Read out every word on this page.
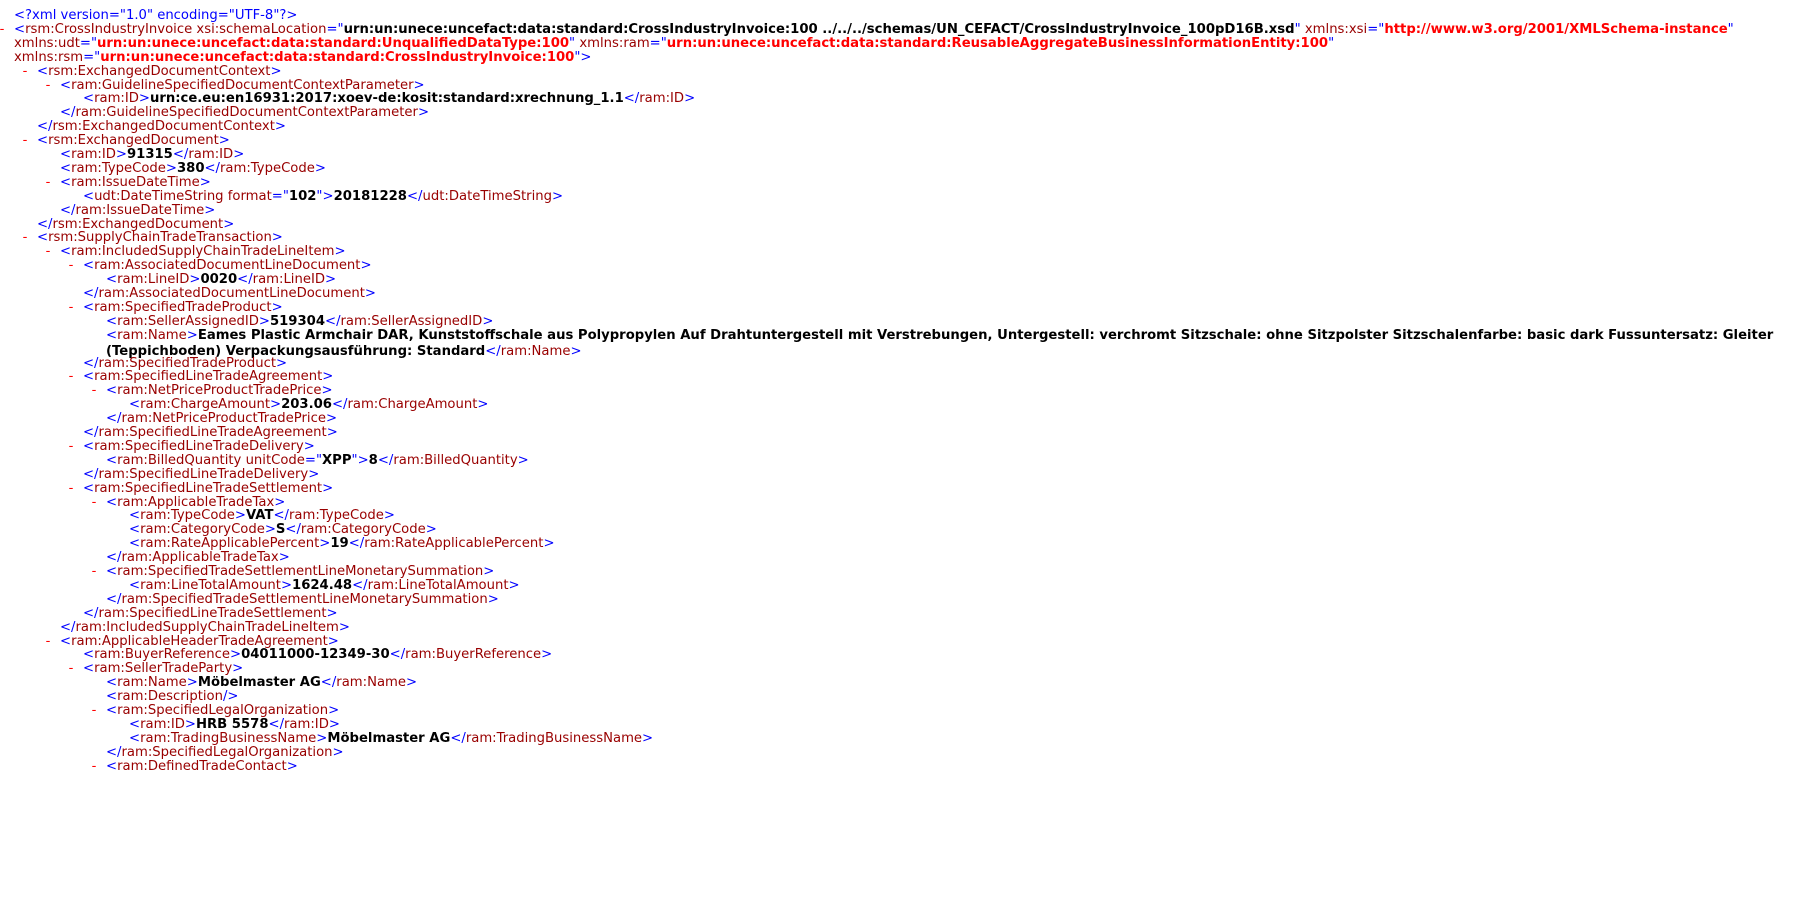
<?xml version="1.0" encoding="UTF-8"?>
- <rsm:CrossIndustryInvoice xsi:schemaLocation="urn:un:unece:uncefact:data:standard:CrossIndustryInvoice:100 ../../../schemas/UN_CEFACT/CrossIndustryInvoice_100pD16B.xsd" xmlns:xsi="http://www.w3.org/2001/XMLSchema-instance"
xmlns:udt="urn:un:unece:uncefact:data:standard:UnqualifiedDataType:100" xmlns:ram="urn:un:unece:uncefact:data:standard:ReusableAggregateBusinessInformationEntity:100"
xmlns:rsm="urn:un:unece:uncefact:data:standard:CrossIndustryInvoice:100">
- <rsm:ExchangedDocumentContext>
- <ram:GuidelineSpecifiedDocumentContextParameter>
<ram:ID>urn:ce.eu:en16931:2017:xoev-de:kosit:standard:xrechnung_1.1</ram:ID>
</ram:GuidelineSpecifiedDocumentContextParameter>
</rsm:ExchangedDocumentContext>
- <rsm:ExchangedDocument>
<ram:ID>91315</ram:ID>
<ram:TypeCode>380</ram:TypeCode>
- <ram:IssueDateTime>
<udt:DateTimeString format="102">20181228</udt:DateTimeString>
</ram:IssueDateTime>
</rsm:ExchangedDocument>
- <rsm:SupplyChainTradeTransaction>
- <ram:IncludedSupplyChainTradeLineItem>
- <ram:AssociatedDocumentLineDocument>
<ram:LineID>0020</ram:LineID>
</ram:AssociatedDocumentLineDocument>
- <ram:SpecifiedTradeProduct>
<ram:SellerAssignedID>519304</ram:SellerAssignedID>
<ram:Name>Eames Plastic Armchair DAR, Kunststoffschale aus Polypropylen Auf Drahtuntergestell mit Verstrebungen, Untergestell: verchromt Sitzschale: ohne Sitzpolster Sitzschalenfarbe: basic dark Fussuntersatz: Gleiter (Teppichboden) Verpackungsausführung: Standard</ram:Name>
</ram:SpecifiedTradeProduct>
- <ram:SpecifiedLineTradeAgreement>
- <ram:NetPriceProductTradePrice>
<ram:ChargeAmount>203.06</ram:ChargeAmount>
</ram:NetPriceProductTradePrice>
</ram:SpecifiedLineTradeAgreement>
- <ram:SpecifiedLineTradeDelivery>
<ram:BilledQuantity unitCode="XPP">8</ram:BilledQuantity>
</ram:SpecifiedLineTradeDelivery>
- <ram:SpecifiedLineTradeSettlement>
- <ram:ApplicableTradeTax>
<ram:TypeCode>VAT</ram:TypeCode>
<ram:CategoryCode>S</ram:CategoryCode>
<ram:RateApplicablePercent>19</ram:RateApplicablePercent>
</ram:ApplicableTradeTax>
- <ram:SpecifiedTradeSettlementLineMonetarySummation>
<ram:LineTotalAmount>1624.48</ram:LineTotalAmount>
</ram:SpecifiedTradeSettlementLineMonetarySummation>
</ram:SpecifiedLineTradeSettlement>
</ram:IncludedSupplyChainTradeLineItem>
- <ram:ApplicableHeaderTradeAgreement>
<ram:BuyerReference>04011000-12349-30</ram:BuyerReference>
- <ram:SellerTradeParty>
<ram:Name>Möbelmaster AG</ram:Name>
<ram:Description/>
- <ram:SpecifiedLegalOrganization>
<ram:ID>HRB 5578</ram:ID>
<ram:TradingBusinessName>Möbelmaster AG</ram:TradingBusinessName>
</ram:SpecifiedLegalOrganization>
- <ram:DefinedTradeContact>
